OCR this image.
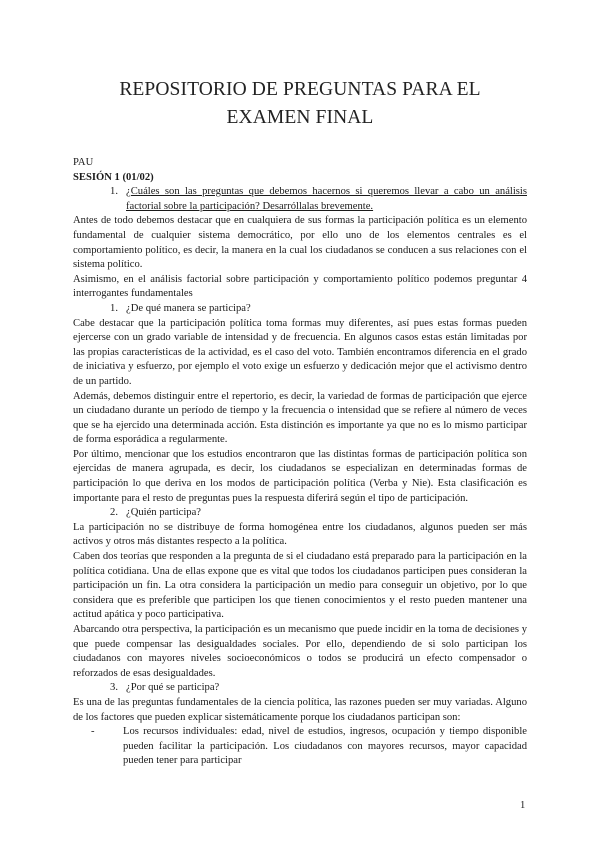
REPOSITORIO DE PREGUNTAS PARA EL
EXAMEN FINAL

PAU

SESIÓN 1 (01/02)

1. ¿Cuáles son las preguntas que debemos hacernos si queremos llevar a cabo un análisis factorial sobre la participación? Desarróllalas brevemente.

Antes de todo debemos destacar que en cualquiera de sus formas la participación política es un elemento fundamental de cualquier sistema democrático, por ello uno de los elementos centrales es el comportamiento político, es decir, la manera en la cual los ciudadanos se conducen a sus relaciones con el sistema político.

Asimismo, en el análisis factorial sobre participación y comportamiento político podemos preguntar 4 interrogantes fundamentales

1. ¿De qué manera se participa?

Cabe destacar que la participación política toma formas muy diferentes, así pues estas formas pueden ejercerse con un grado variable de intensidad y de frecuencia. En algunos casos estas están limitadas por las propias características de la actividad, es el caso del voto. También encontramos diferencia en el grado de iniciativa y esfuerzo, por ejemplo el voto exige un esfuerzo y dedicación mejor que el activismo dentro de un partido.

Además, debemos distinguir entre el repertorio, es decir, la variedad de formas de participación que ejerce un ciudadano durante un período de tiempo y la frecuencia o intensidad que se refiere al número de veces que se ha ejercido una determinada acción. Esta distinción es importante ya que no es lo mismo participar de forma esporádica a regularmente.

Por último, mencionar que los estudios encontraron que las distintas formas de participación política son ejercidas de manera agrupada, es decir, los ciudadanos se especializan en determinadas formas de participación lo que deriva en los modos de participación política (Verba y Nie). Esta clasificación es importante para el resto de preguntas pues la respuesta diferirá según el tipo de participación.

2. ¿Quién participa?

La participación no se distribuye de forma homogénea entre los ciudadanos, algunos pueden ser más activos y otros más distantes respecto a la política.

Caben dos teorías que responden a la pregunta de si el ciudadano está preparado para la participación en la política cotidiana. Una de ellas expone que es vital que todos los ciudadanos participen pues consideran la participación un fin. La otra considera la participación un medio para conseguir un objetivo, por lo que considera que es preferible que participen los que tienen conocimientos y el resto pueden mantener una actitud apática y poco participativa.

Abarcando otra perspectiva, la participación es un mecanismo que puede incidir en la toma de decisiones y que puede compensar las desigualdades sociales. Por ello, dependiendo de si solo participan los ciudadanos con mayores niveles socioeconómicos o todos se producirá un efecto compensador o reforzados de esas desigualdades.

3. ¿Por qué se participa?

Es una de las preguntas fundamentales de la ciencia política, las razones pueden ser muy variadas. Alguno de los factores que pueden explicar sistemáticamente porque los ciudadanos participan son:

-	Los recursos individuales: edad, nivel de estudios, ingresos, ocupación y tiempo disponible pueden facilitar la participación. Los ciudadanos con mayores recursos, mayor capacidad pueden tener para participar
1
